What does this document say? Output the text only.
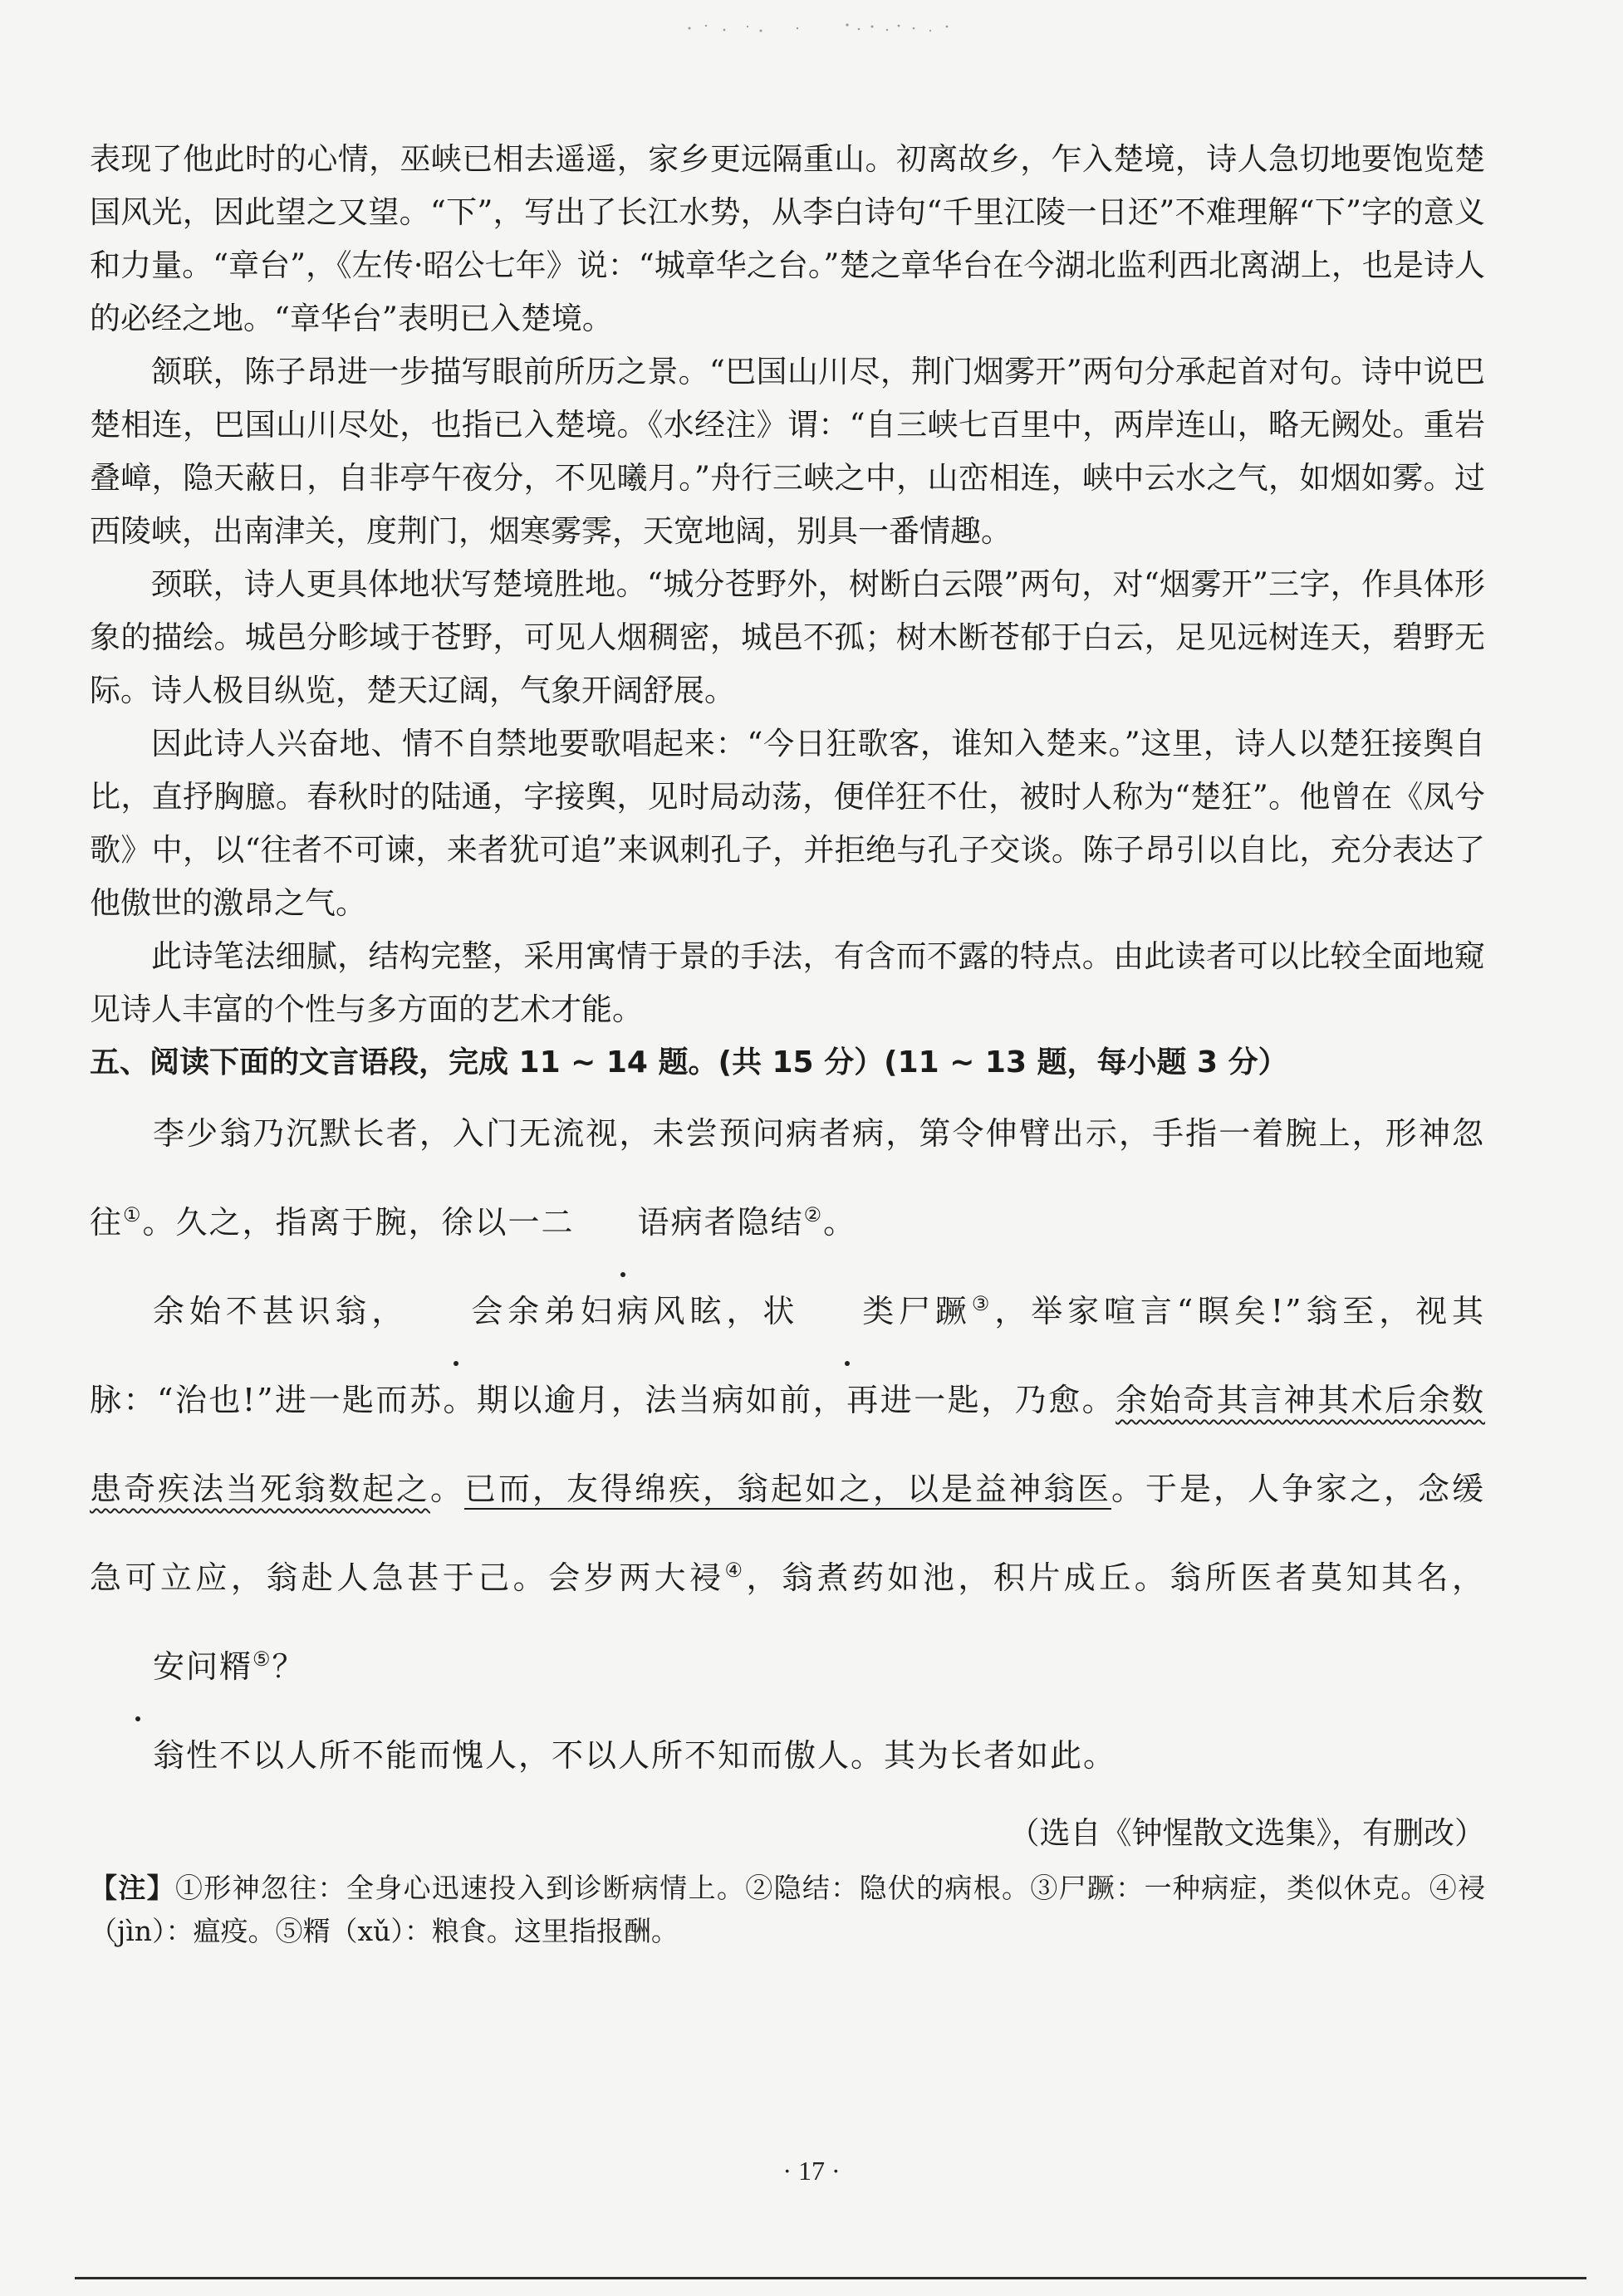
表现了他此时的心情，巫峡已相去遥遥，家乡更远隔重山。初离故乡，乍入楚境，诗人急切地要饱览楚国风光，因此望之又望。“下”，写出了长江水势，从李白诗句“千里江陵一日还”不难理解“下”字的意义和力量。“章台”，《左传·昭公七年》说：“城章华之台。”楚之章华台在今湖北监利西北离湖上，也是诗人的必经之地。“章华台”表明已入楚境。

颔联，陈子昂进一步描写眼前所历之景。“巴国山川尽，荆门烟雾开”两句分承起首对句。诗中说巴楚相连，巴国山川尽处，也指已入楚境。《水经注》谓：“自三峡七百里中，两岸连山，略无阙处。重岩叠嶂，隐天蔽日，自非亭午夜分，不见曦月。”舟行三峡之中，山峦相连，峡中云水之气，如烟如雾。过西陵峡，出南津关，度荆门，烟寒雾霁，天宽地阔，别具一番情趣。

颈联，诗人更具体地状写楚境胜地。“城分苍野外，树断白云隈”两句，对“烟雾开”三字，作具体形象的描绘。城邑分畛域于苍野，可见人烟稠密，城邑不孤；树木断苍郁于白云，足见远树连天，碧野无际。诗人极目纵览，楚天辽阔，气象开阔舒展。

因此诗人兴奋地、情不自禁地要歌唱起来：“今日狂歌客，谁知入楚来。”这里，诗人以楚狂接舆自比，直抒胸臆。春秋时的陆通，字接舆，见时局动荡，便佯狂不仕，被时人称为“楚狂”。他曾在《凤兮歌》中，以“往者不可谏，来者犹可追”来讽刺孔子，并拒绝与孔子交谈。陈子昂引以自比，充分表达了他傲世的激昂之气。

此诗笔法细腻，结构完整，采用寓情于景的手法，有含而不露的特点。由此读者可以比较全面地窥见诗人丰富的个性与多方面的艺术才能。

五、阅读下面的文言语段，完成 11 ~ 14 题。(共 15 分）(11 ~ 13 题，每小题 3 分）

李少翁乃沉默长者，入门无流视，未尝预问病者病，第令伸臂出示，手指一着腕上，形神忽往①。久之，指离于腕，徐以一二 语病者隐结②。

余始不甚识翁， 会余弟妇病风眩，状 类尸蹶③，举家喧言“瞑矣!”翁至，视其脉：“治也!”进一匙而苏。期以逾月，法当病如前，再进一匙，乃愈。余始奇其言神其术后余数患奇疾法当死翁数起之。已而，友得绵疾，翁起如之，以是益神翁医。于是，人争家之，念缓急可立应，翁赴人急甚于己。会岁两大祲④，翁煮药如池，积片成丘。翁所医者莫知其名，安问糈⑤？

翁性不以人所不能而愧人，不以人所不知而傲人。其为长者如此。

（选自《钟惺散文选集》，有删改）

【注】①形神忽往：全身心迅速投入到诊断病情上。②隐结：隐伏的病根。③尸蹶：一种病症，类似休克。④祲（jìn）：瘟疫。⑤糈（xǔ）：粮食。这里指报酬。

· 17 ·
